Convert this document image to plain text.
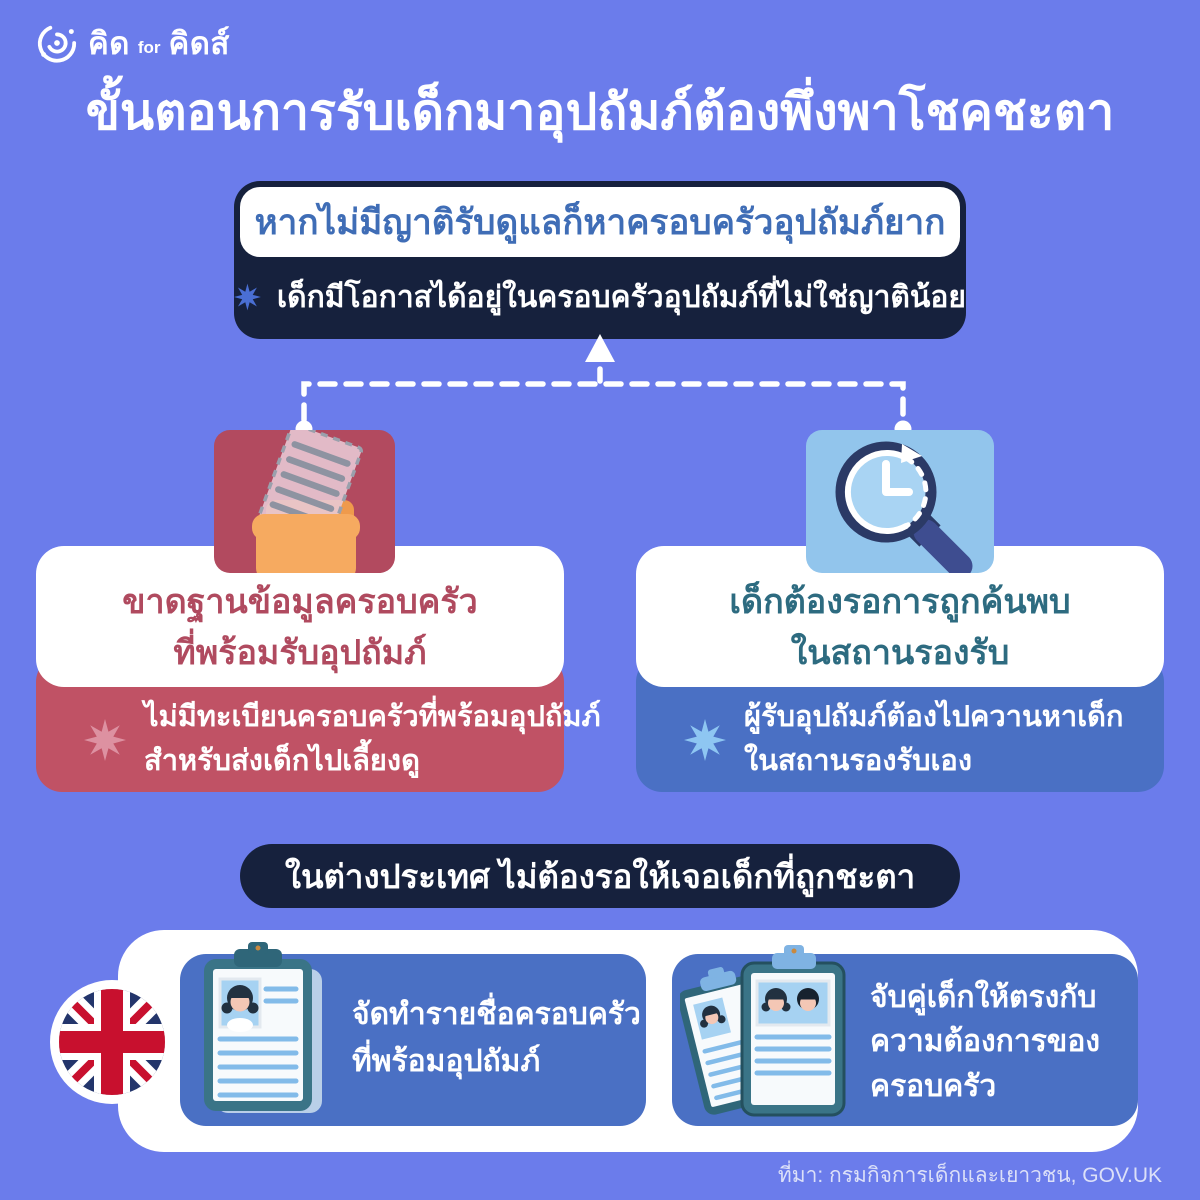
คิด for คิดส์
ขั้นตอนการรับเด็กมาอุปถัมภ์ต้องพึ่งพาโชคชะตา
หากไม่มีญาติรับดูแลก็หาครอบครัวอุปถัมภ์ยาก
เด็กมีโอกาสได้อยู่ในครอบครัวอุปถัมภ์ที่ไม่ใช่ญาติน้อย
ขาดฐานข้อมูลครอบครัว
ที่พร้อมรับอุปถัมภ์
ไม่มีทะเบียนครอบครัวที่พร้อมอุปถัมภ์
สำหรับส่งเด็กไปเลี้ยงดู
เด็กต้องรอการถูกค้นพบ
ในสถานรองรับ
ผู้รับอุปถัมภ์ต้องไปควานหาเด็ก
ในสถานรองรับเอง
ในต่างประเทศ ไม่ต้องรอให้เจอเด็กที่ถูกชะตา
จัดทำรายชื่อครอบครัว
ที่พร้อมอุปถัมภ์
จับคู่เด็กให้ตรงกับ
ความต้องการของ
ครอบครัว
ที่มา: กรมกิจการเด็กและเยาวชน, GOV.UK
